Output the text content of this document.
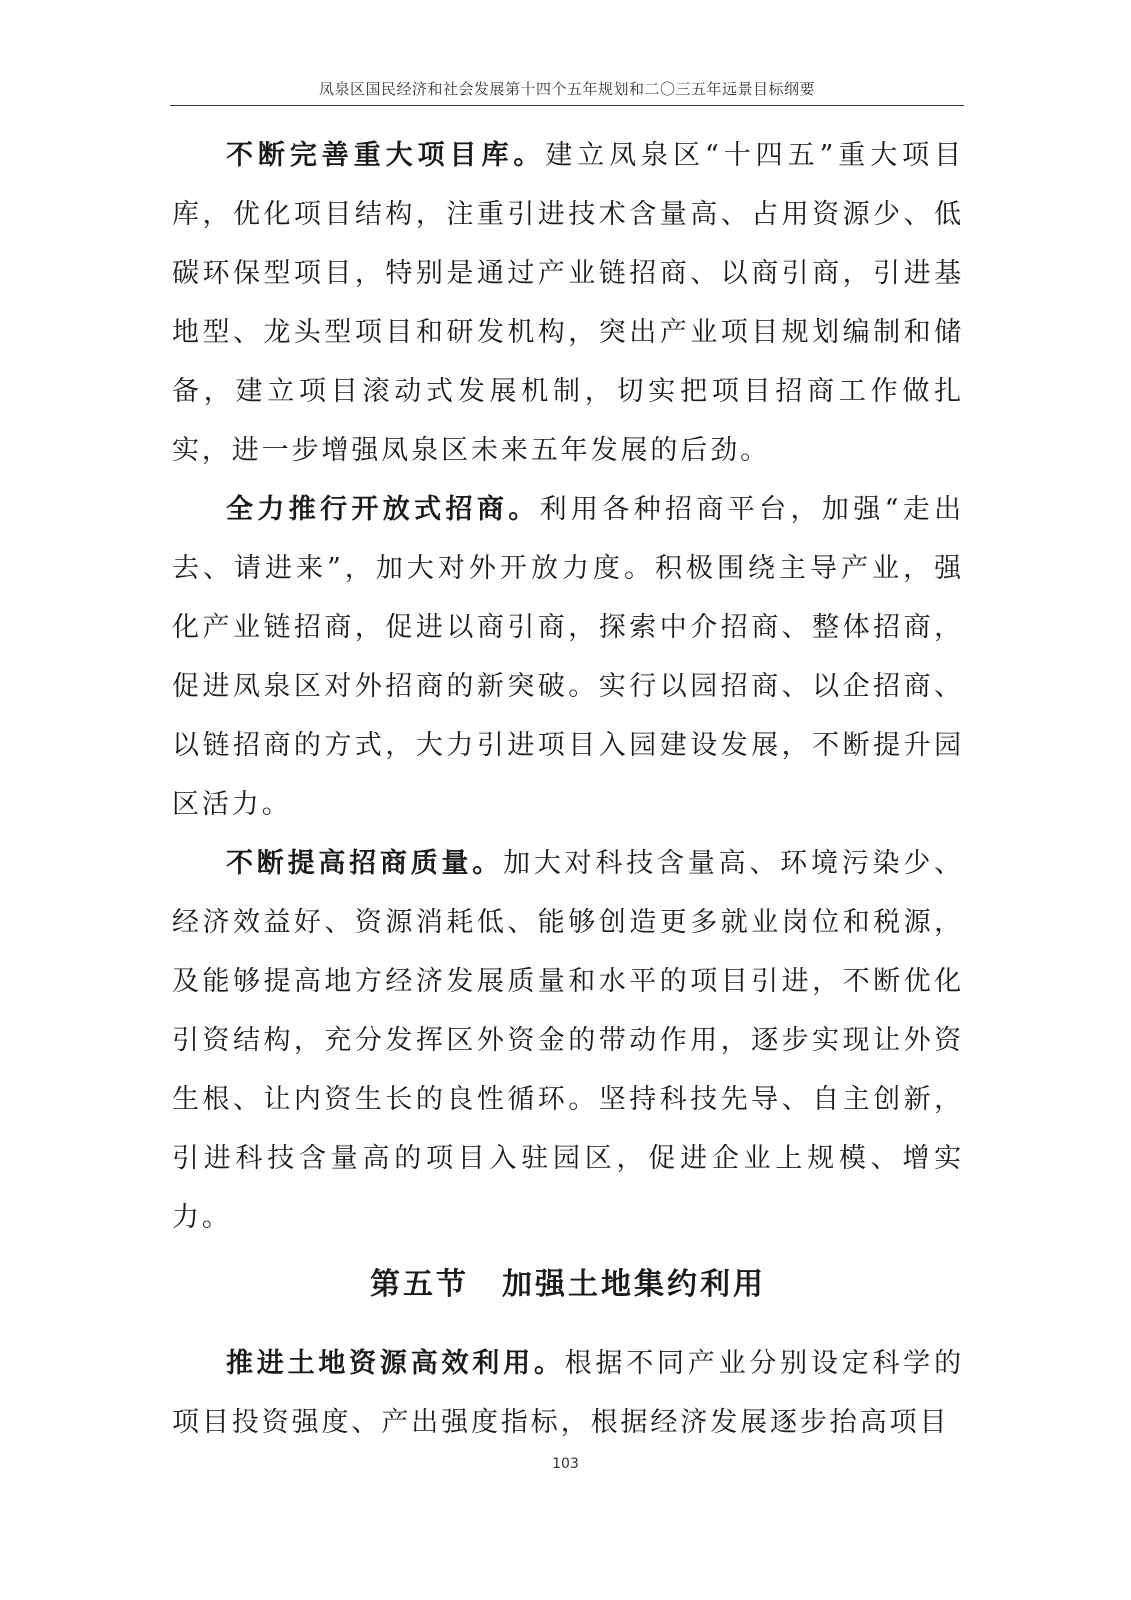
凤泉区国民经济和社会发展第十四个五年规划和二〇三五年远景目标纲要

不断完善重大项目库。建立凤泉区“十四五”重大项目库，优化项目结构，注重引进技术含量高、占用资源少、低碳环保型项目，特别是通过产业链招商、以商引商，引进基地型、龙头型项目和研发机构，突出产业项目规划编制和储备，建立项目滚动式发展机制，切实把项目招商工作做扎实，进一步增强凤泉区未来五年发展的后劲。

全力推行开放式招商。利用各种招商平台，加强“走出去、请进来”，加大对外开放力度。积极围绕主导产业，强化产业链招商，促进以商引商，探索中介招商、整体招商，促进凤泉区对外招商的新突破。实行以园招商、以企招商、以链招商的方式，大力引进项目入园建设发展，不断提升园区活力。

不断提高招商质量。加大对科技含量高、环境污染少、经济效益好、资源消耗低、能够创造更多就业岗位和税源，及能够提高地方经济发展质量和水平的项目引进，不断优化引资结构，充分发挥区外资金的带动作用，逐步实现让外资生根、让内资生长的良性循环。坚持科技先导、自主创新，引进科技含量高的项目入驻园区，促进企业上规模、增实力。

第五节　加强土地集约利用

推进土地资源高效利用。根据不同产业分别设定科学的项目投资强度、产出强度指标，根据经济发展逐步抬高项目

103
